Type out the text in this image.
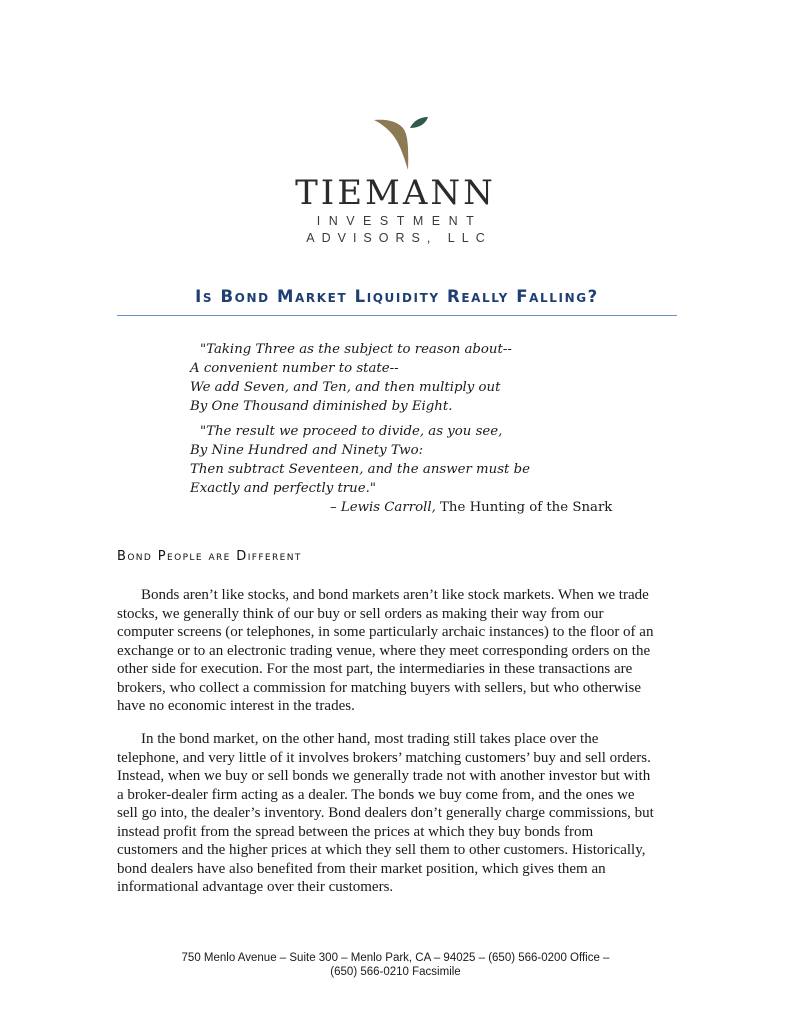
TIEMANN
INVESTMENT
ADVISORS, LLC
Is Bond Market Liquidity Really Falling?
"Taking Three as the subject to reason about--
A convenient number to state--
We add Seven, and Ten, and then multiply out
By One Thousand diminished by Eight.
"The result we proceed to divide, as you see,
By Nine Hundred and Ninety Two:
Then subtract Seventeen, and the answer must be
Exactly and perfectly true."
– Lewis Carroll, The Hunting of the Snark
Bond People are Different
Bonds aren’t like stocks, and bond markets aren’t like stock markets. When we trade
stocks, we generally think of our buy or sell orders as making their way from our
computer screens (or telephones, in some particularly archaic instances) to the floor of an
exchange or to an electronic trading venue, where they meet corresponding orders on the
other side for execution. For the most part, the intermediaries in these transactions are
brokers, who collect a commission for matching buyers with sellers, but who otherwise
have no economic interest in the trades.
In the bond market, on the other hand, most trading still takes place over the
telephone, and very little of it involves brokers’ matching customers’ buy and sell orders.
Instead, when we buy or sell bonds we generally trade not with another investor but with
a broker-dealer firm acting as a dealer. The bonds we buy come from, and the ones we
sell go into, the dealer’s inventory. Bond dealers don’t generally charge commissions, but
instead profit from the spread between the prices at which they buy bonds from
customers and the higher prices at which they sell them to other customers. Historically,
bond dealers have also benefited from their market position, which gives them an
informational advantage over their customers.
750 Menlo Avenue – Suite 300 – Menlo Park, CA – 94025 – (650) 566-0200 Office –
(650) 566-0210 Facsimile
